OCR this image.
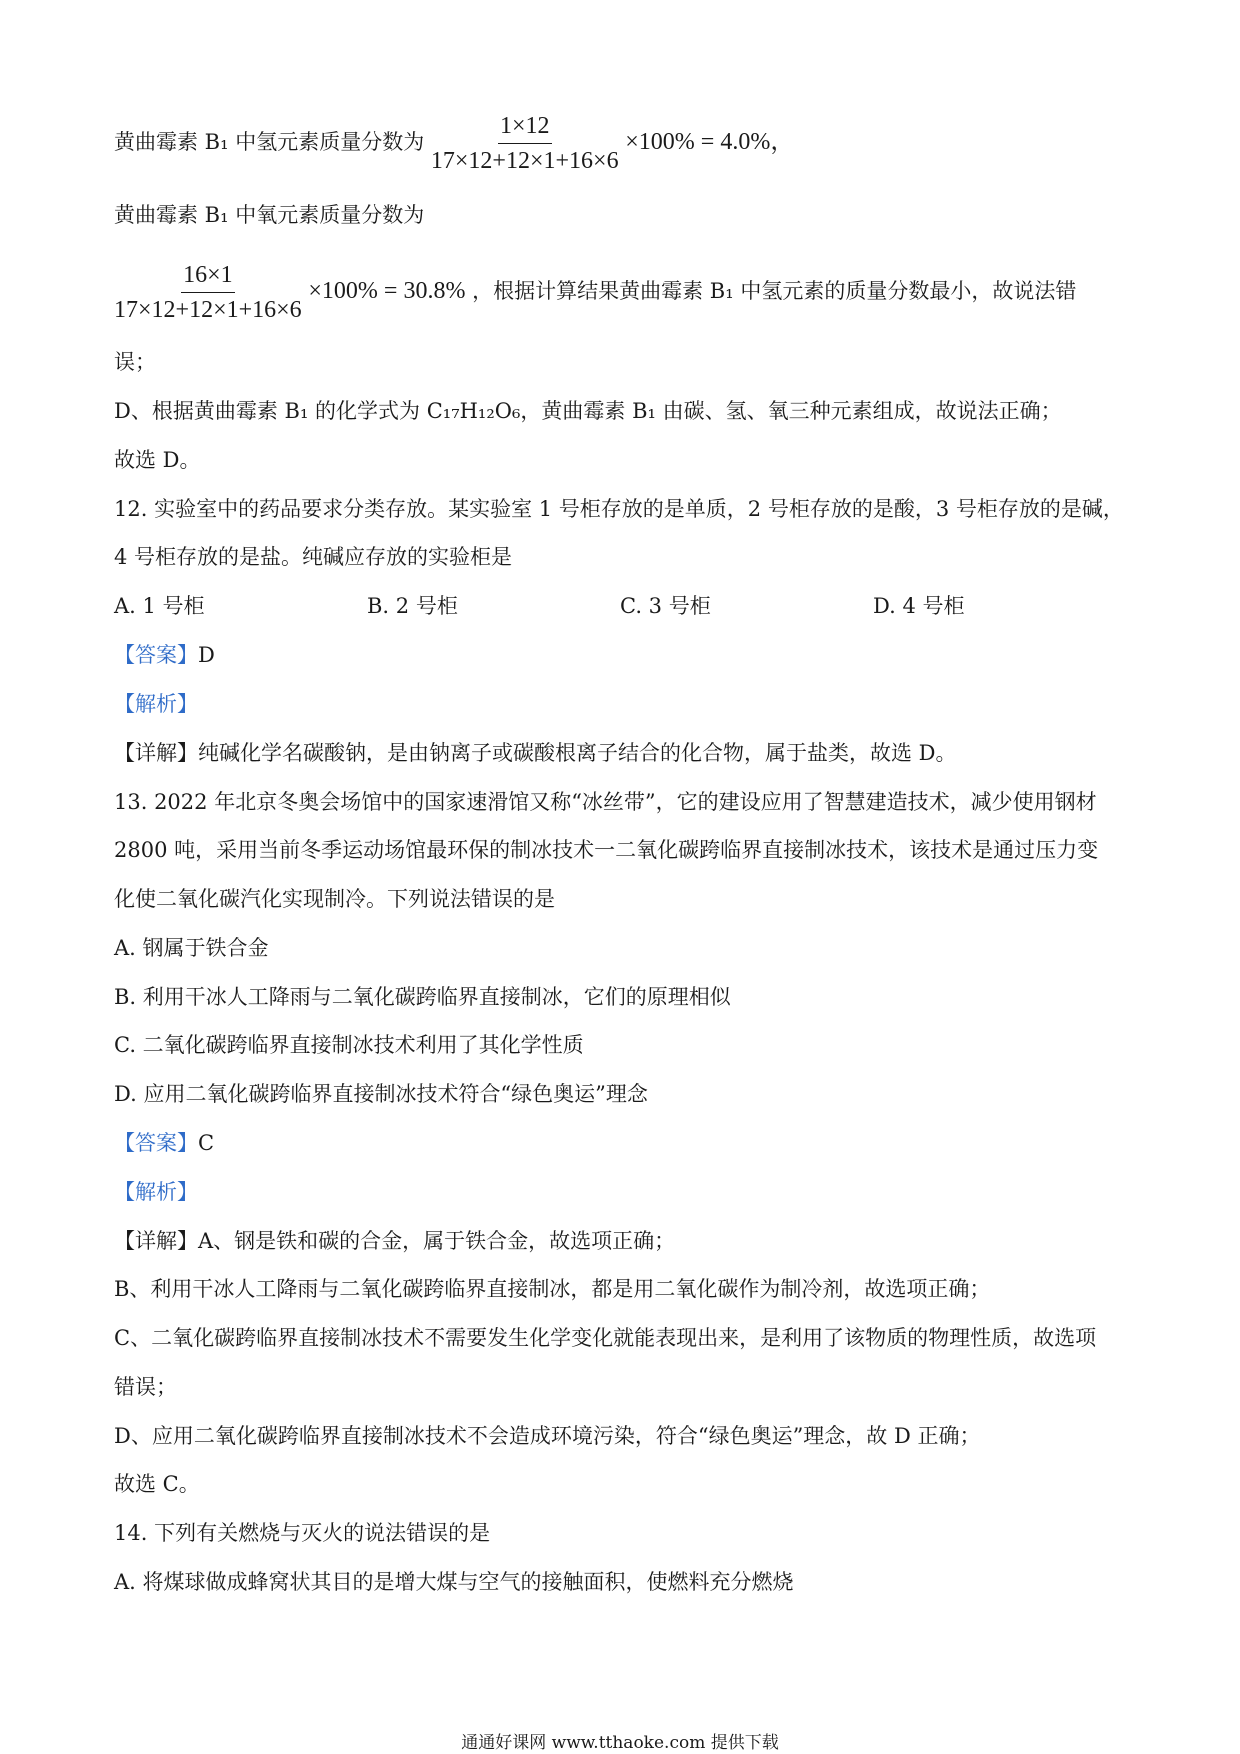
黄曲霉素 B₁ 中氢元素质量分数为 $\frac{1\times 12}{17\times 12+12\times 1+16\times 6} \times 100\% = 4.0\%$，
黄曲霉素 B₁ 中氧元素质量分数为
$\frac{16\times 1}{17\times 12+12\times 1+16\times 6} \times 100\% = 30.8\%$ ，根据计算结果黄曲霉素 B₁ 中氢元素的质量分数最小，故说法错
误；
D、根据黄曲霉素 B₁ 的化学式为 C₁₇H₁₂O₆，黄曲霉素 B₁ 由碳、氢、氧三种元素组成，故说法正确；
故选 D。
12. 实验室中的药品要求分类存放。某实验室 1 号柜存放的是单质，2 号柜存放的是酸，3 号柜存放的是碱，
4 号柜存放的是盐。纯碱应存放的实验柜是
A. 1 号柜	B. 2 号柜	C. 3 号柜	D. 4 号柜
【答案】D
【解析】
【详解】纯碱化学名碳酸钠，是由钠离子或碳酸根离子结合的化合物，属于盐类，故选 D。
13. 2022 年北京冬奥会场馆中的国家速滑馆又称“冰丝带”，它的建设应用了智慧建造技术，减少使用钢材
2800 吨，采用当前冬季运动场馆最环保的制冰技术一二氧化碳跨临界直接制冰技术，该技术是通过压力变
化使二氧化碳汽化实现制冷。下列说法错误的是
A. 钢属于铁合金
B. 利用干冰人工降雨与二氧化碳跨临界直接制冰，它们的原理相似
C. 二氧化碳跨临界直接制冰技术利用了其化学性质
D. 应用二氧化碳跨临界直接制冰技术符合“绿色奥运”理念
【答案】C
【解析】
【详解】A、钢是铁和碳的合金，属于铁合金，故选项正确；
B、利用干冰人工降雨与二氧化碳跨临界直接制冰，都是用二氧化碳作为制冷剂，故选项正确；
C、二氧化碳跨临界直接制冰技术不需要发生化学变化就能表现出来，是利用了该物质的物理性质，故选项
错误；
D、应用二氧化碳跨临界直接制冰技术不会造成环境污染，符合“绿色奥运”理念，故 D 正确；
故选 C。
14. 下列有关燃烧与灭火的说法错误的是
A. 将煤球做成蜂窝状其目的是增大煤与空气的接触面积，使燃料充分燃烧
通通好课网 www.tthaoke.com 提供下载
